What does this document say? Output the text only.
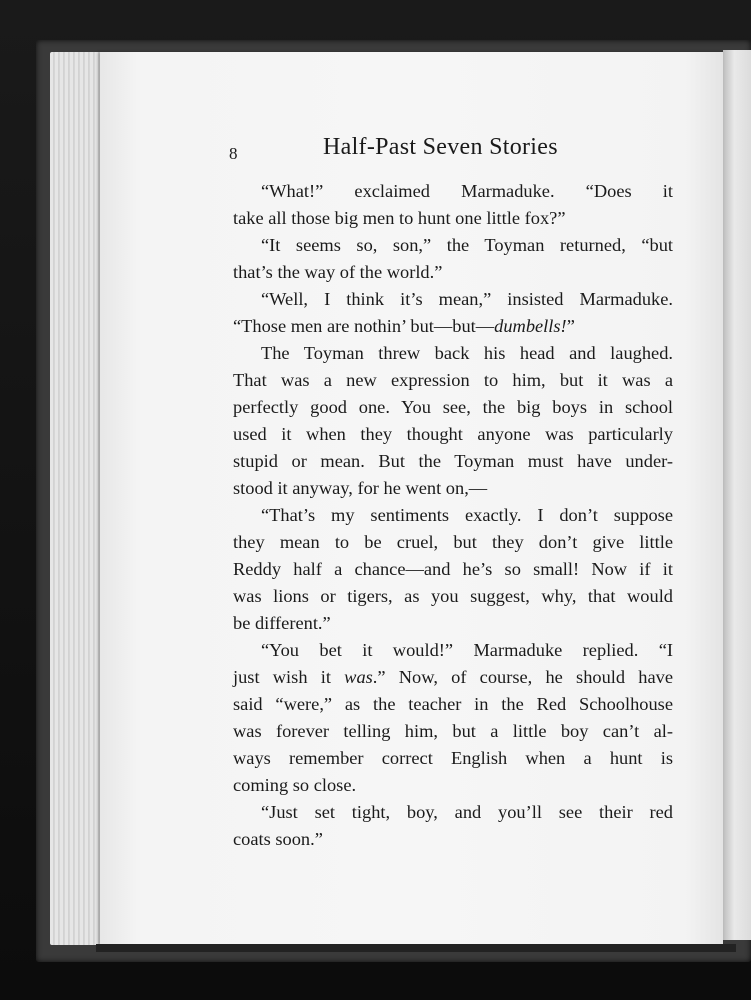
8	Half-Past Seven Stories
“What!” exclaimed Marmaduke. “Does it
take all those big men to hunt one little fox?”
“It seems so, son,” the Toyman returned, “but
that’s the way of the world.”
“Well, I think it’s mean,” insisted Marmaduke.
“Those men are nothin’ but—but—dumbells!”
The Toyman threw back his head and laughed.
That was a new expression to him, but it was a
perfectly good one. You see, the big boys in school
used it when they thought anyone was particularly
stupid or mean. But the Toyman must have under-
stood it anyway, for he went on,—
“That’s my sentiments exactly. I don’t suppose
they mean to be cruel, but they don’t give little
Reddy half a chance—and he’s so small! Now if it
was lions or tigers, as you suggest, why, that would
be different.”
“You bet it would!” Marmaduke replied. “I
just wish it was.” Now, of course, he should have
said “were,” as the teacher in the Red Schoolhouse
was forever telling him, but a little boy can’t al-
ways remember correct English when a hunt is
coming so close.
“Just set tight, boy, and you’ll see their red
coats soon.”
